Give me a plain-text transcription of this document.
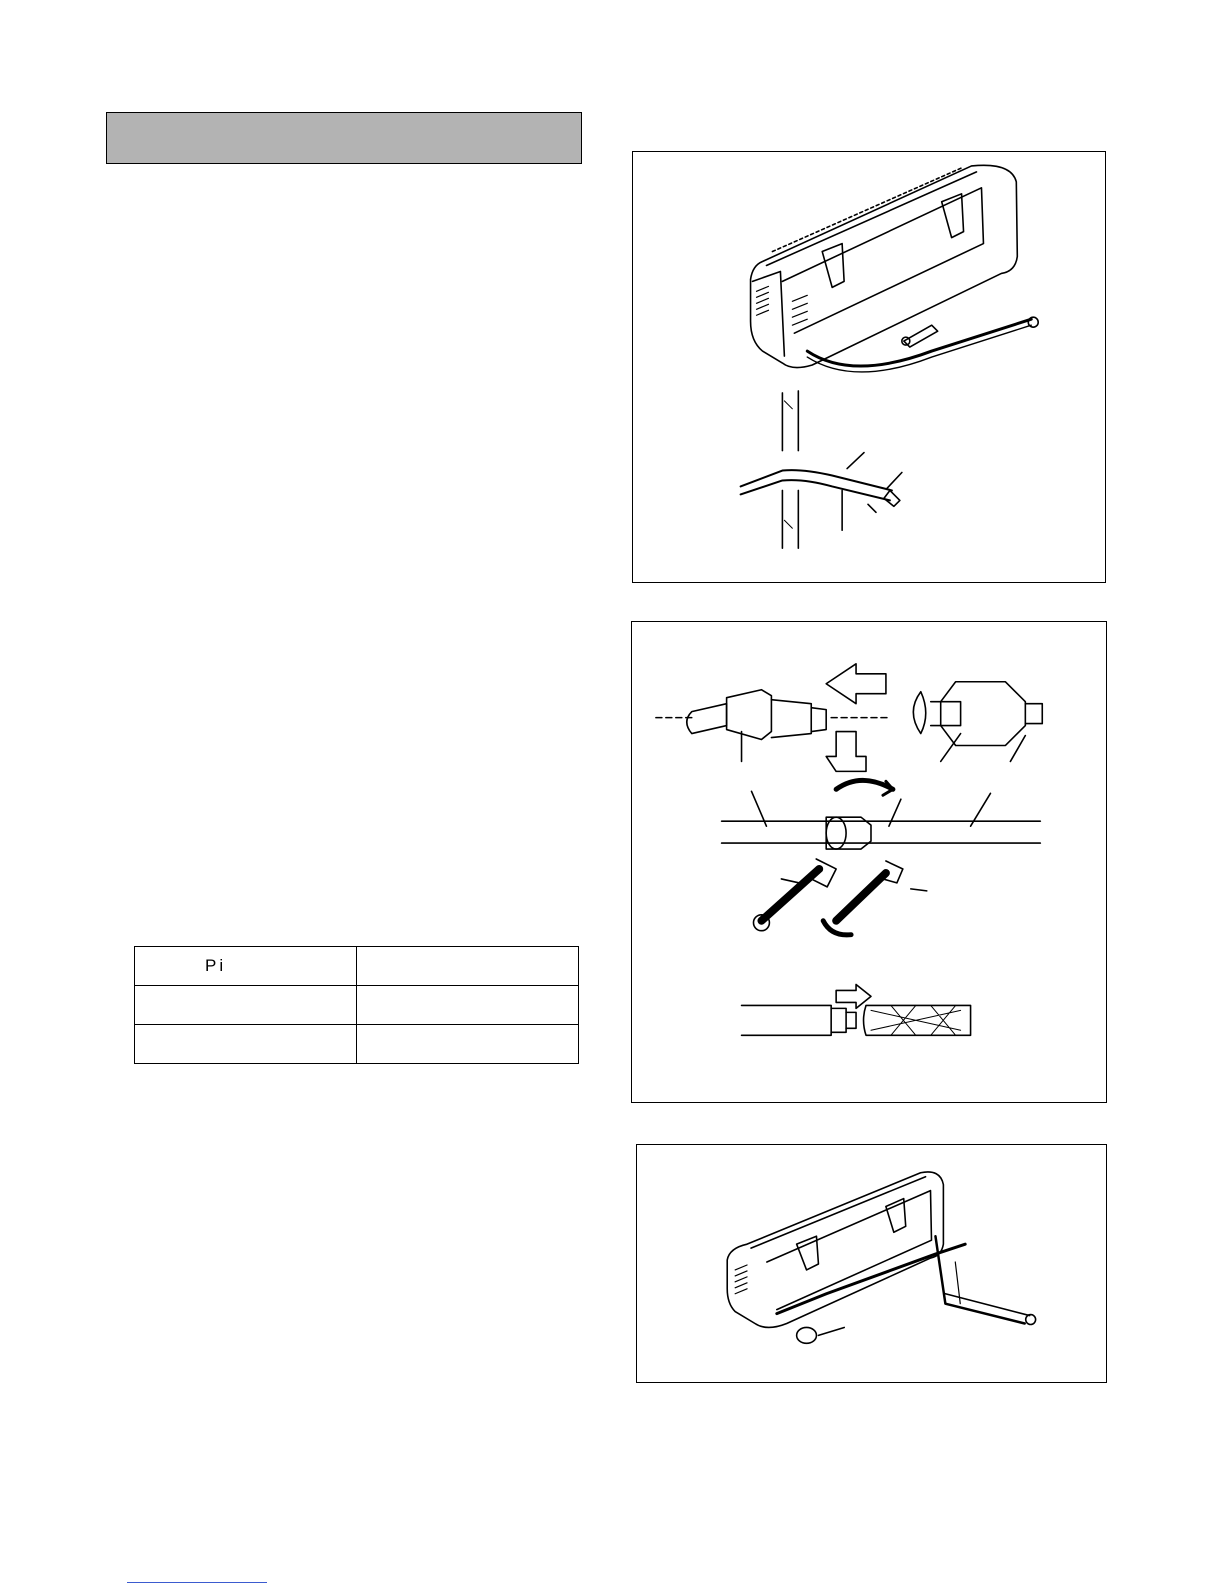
Pi	
